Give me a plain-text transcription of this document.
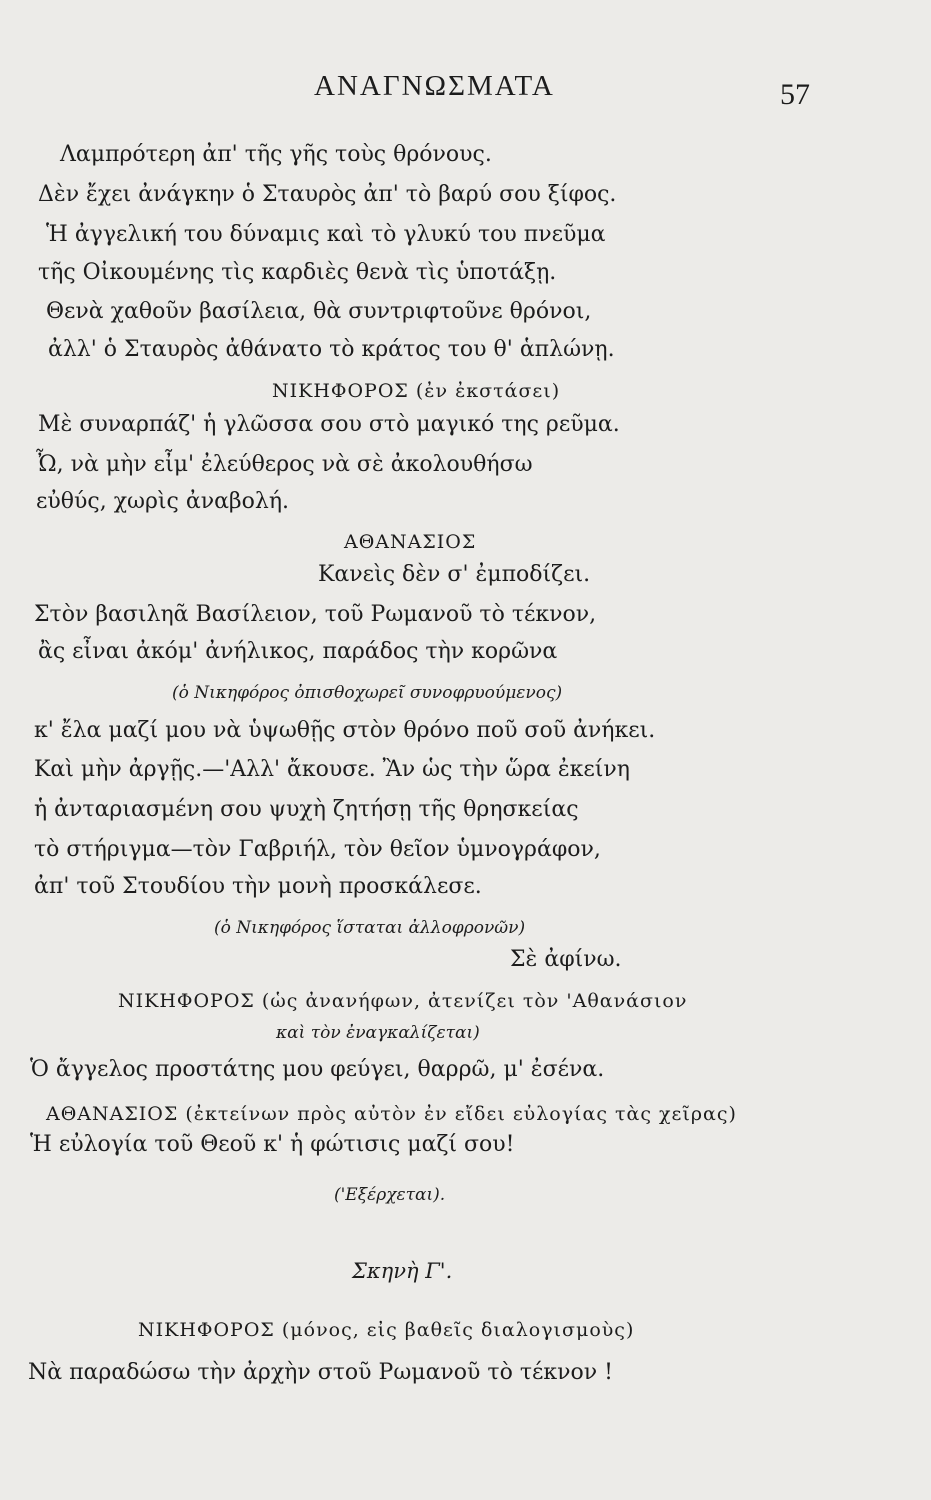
ΑΝΑΓΝΩΣΜΑΤΑ	57
Λαμπρότερη ἀπ' τῆς γῆς τοὺς θρόνους.
Δὲν ἔχει ἀνάγκην ὁ Σταυρὸς ἀπ' τὸ βαρύ σου ξίφος.
Ἡ ἀγγελική του δύναμις καὶ τὸ γλυκύ του πνεῦμα
τῆς Οἰκουμένης τὶς καρδιὲς θενὰ τὶς ὑποτάξῃ.
Θενὰ χαθοῦν βασίλεια, θὰ συντριφτοῦνε θρόνοι,
ἀλλ' ὁ Σταυρὸς ἀθάνατο τὸ κράτος του θ' ἁπλώνῃ.
ΝΙΚΗΦΟΡΟΣ (ἐν ἐκστάσει)
Μὲ συναρπάζ' ἡ γλῶσσα σου στὸ μαγικό της ρεῦμα.
Ὦ, νὰ μὴν εἶμ' ἐλεύθερος νὰ σὲ ἀκολουθήσω
εὐθύς, χωρὶς ἀναβολή.
ΑΘΑΝΑΣΙΟΣ
Κανεὶς δὲν σ' ἐμποδίζει.
Στὸν βασιληᾶ Βασίλειον, τοῦ Ρωμανοῦ τὸ τέκνον,
ἂς εἶναι ἀκόμ' ἀνήλικος, παράδος τὴν κορῶνα
(ὁ Νικηφόρος ὀπισθοχωρεῖ συνοφρυούμενος)
κ' ἔλα μαζί μου νὰ ὑψωθῇς στὸν θρόνο ποῦ σοῦ ἀνήκει.
Καὶ μὴν ἀργῇς.—'Αλλ' ἄκουσε. Ἂν ὡς τὴν ὥρα ἐκείνη
ἡ ἀνταριασμένη σου ψυχὴ ζητήσῃ τῆς θρησκείας
τὸ στήριγμα—τὸν Γαβριήλ, τὸν θεῖον ὑμνογράφον,
ἀπ' τοῦ Στουδίου τὴν μονὴ προσκάλεσε.
(ὁ Νικηφόρος ἵσταται ἀλλοφρονῶν)
Σὲ ἀφίνω.
ΝΙΚΗΦΟΡΟΣ (ὡς ἀνανήφων, ἀτενίζει τὸν 'Αθανάσιον
καὶ τὸν ἐναγκαλίζεται)
Ὁ ἄγγελος προστάτης μου φεύγει, θαρρῶ, μ' ἐσένα.
ΑΘΑΝΑΣΙΟΣ (ἐκτείνων πρὸς αὐτὸν ἐν εἴδει εὐλογίας τὰς χεῖρας)
Ἡ εὐλογία τοῦ Θεοῦ κ' ἡ φώτισις μαζί σου!
('Εξέρχεται).
Σκηνὴ Γ'.
ΝΙΚΗΦΟΡΟΣ (μόνος, εἰς βαθεῖς διαλογισμοὺς)
Νὰ παραδώσω τὴν ἀρχὴν στοῦ Ρωμανοῦ τὸ τέκνον !
